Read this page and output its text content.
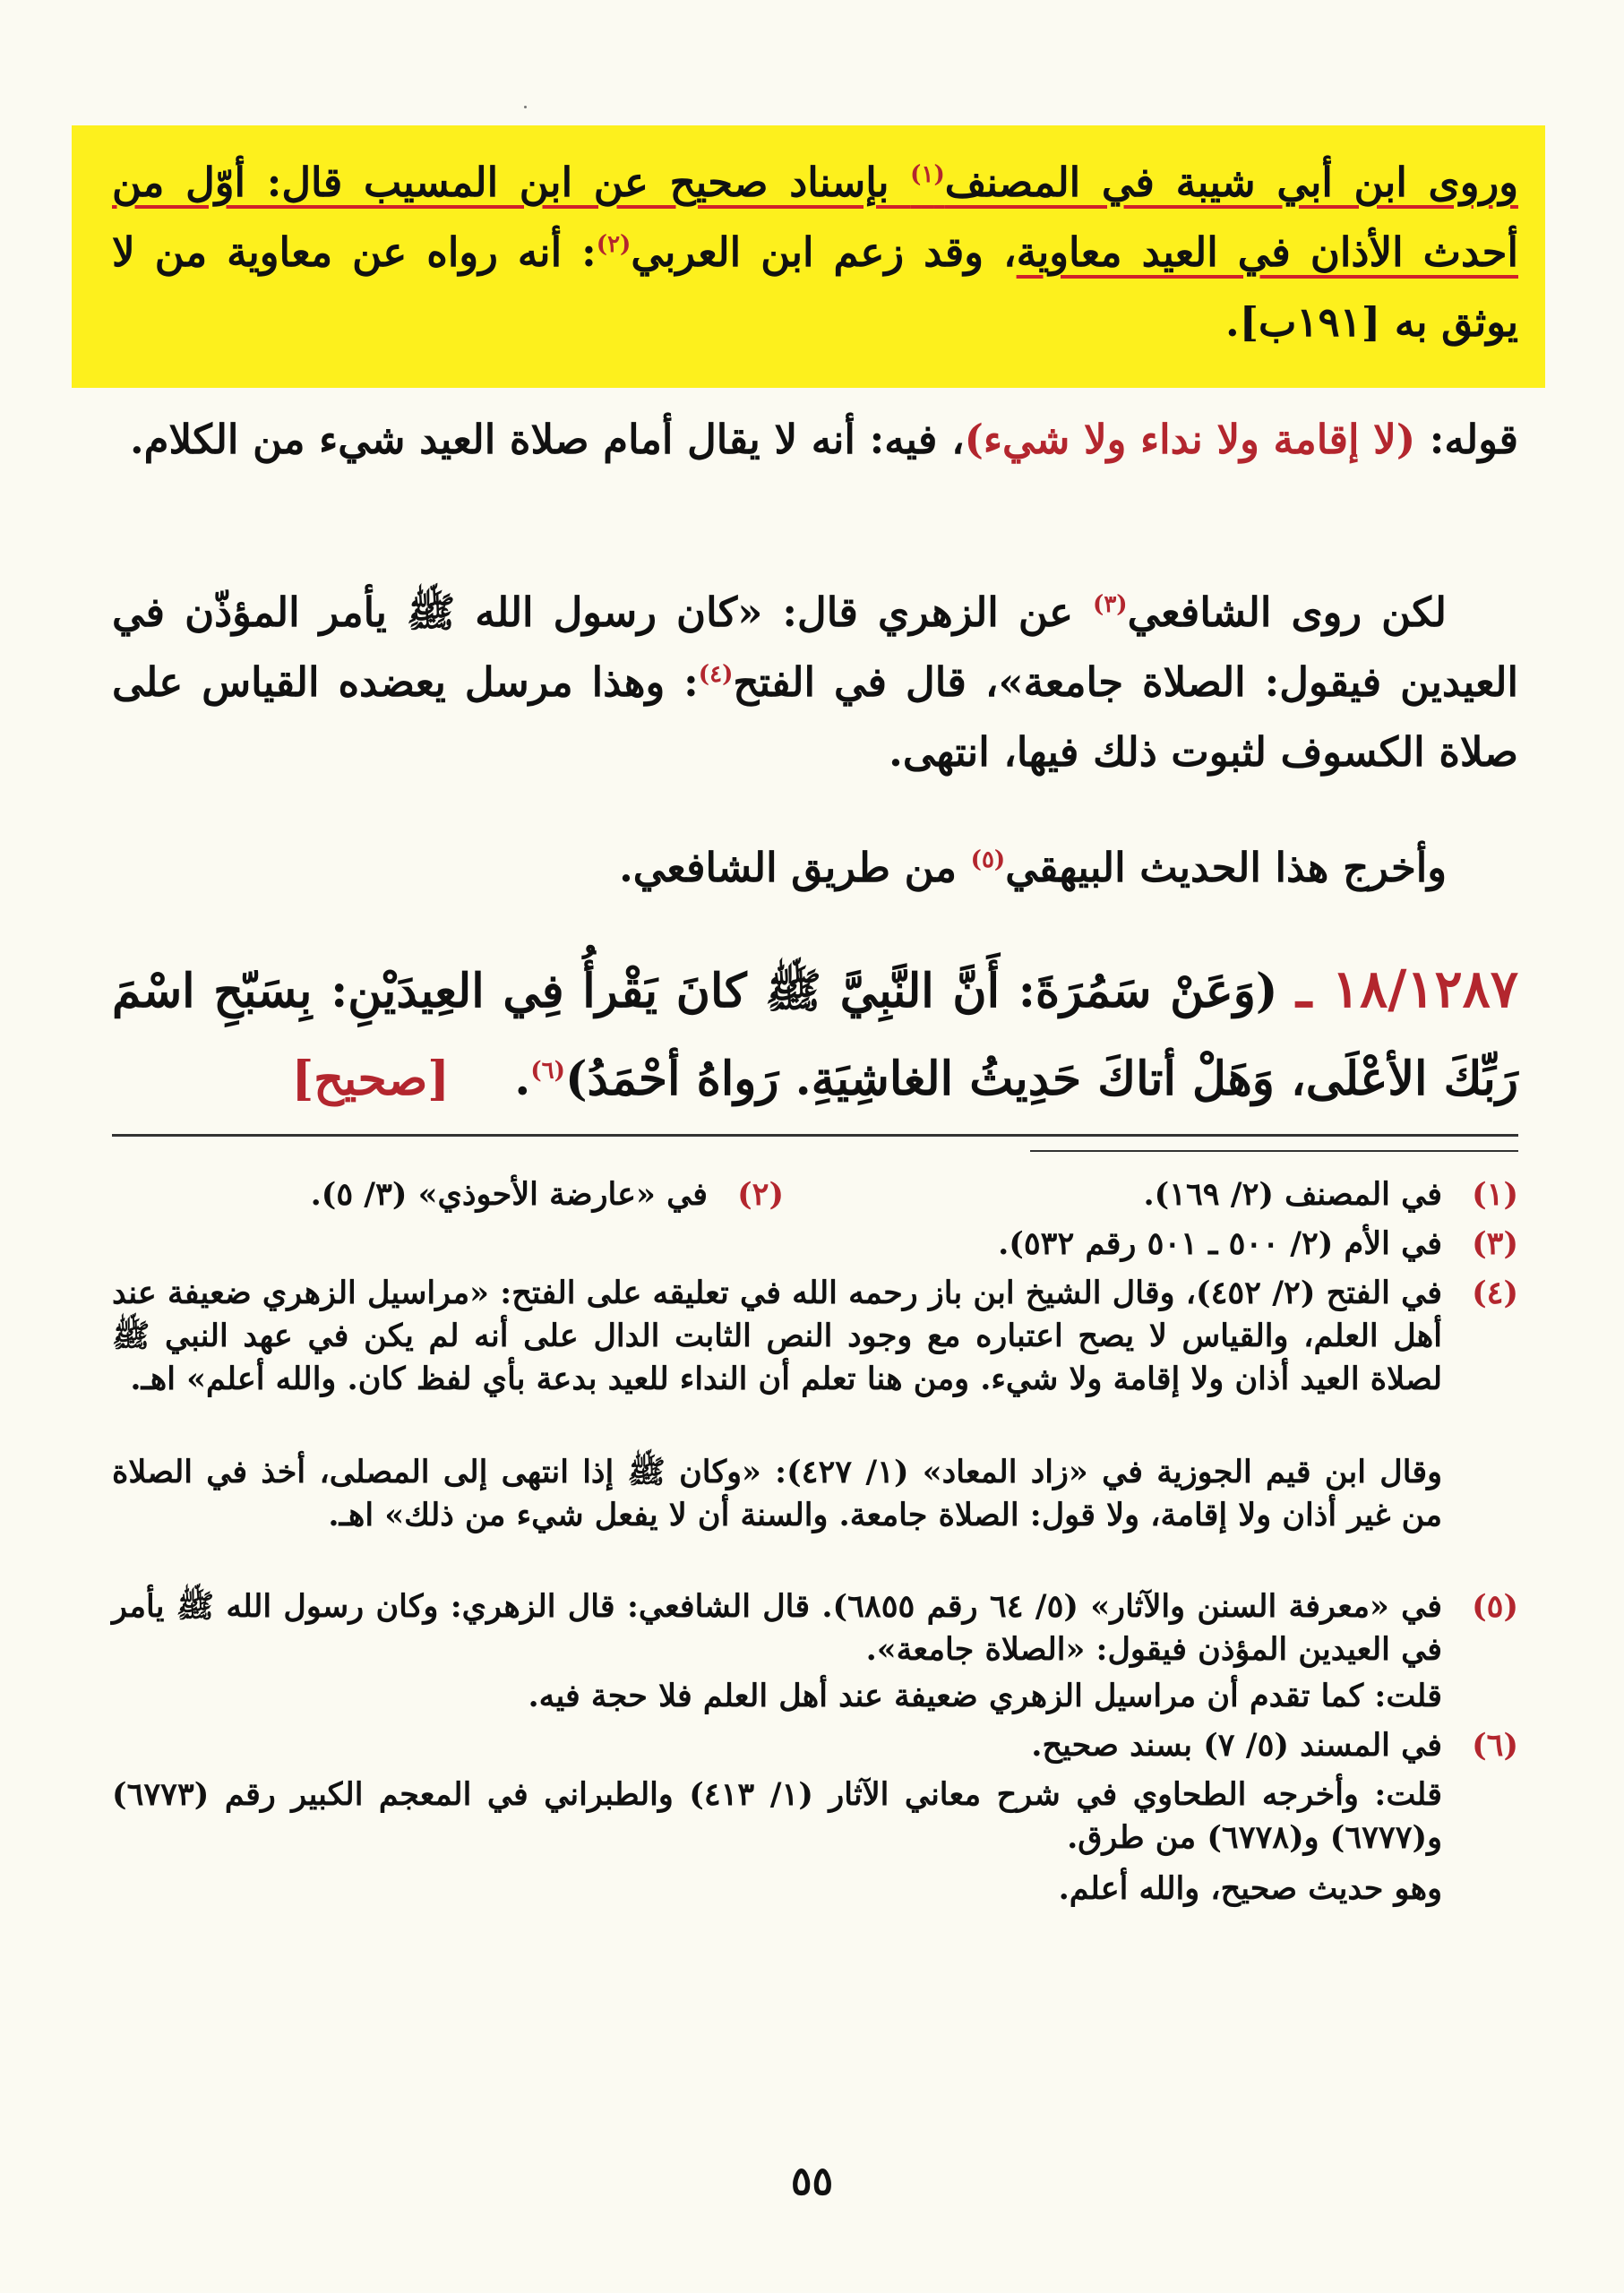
وروى ابن أبي شيبة في المصنف$^{(١)}$ بإسناد صحيح عن ابن المسيب قال: أوّل من أحدث الأذان في العيد معاوية، وقد زعم ابن العربي$^{(٢)}$: أنه رواه عن معاوية من لا يوثق به [١٩١ب].
قوله: (لا إقامة ولا نداء ولا شيء)، فيه: أنه لا يقال أمام صلاة العيد شيء من الكلام.
لكن روى الشافعي$^{(٣)}$ عن الزهري قال: «كان رسول الله ﷺ يأمر المؤذّن في العيدين فيقول: الصلاة جامعة»، قال في الفتح$^{(٤)}$: وهذا مرسل يعضده القياس على صلاة الكسوف لثبوت ذلك فيها، انتهى.
وأخرج هذا الحديث البيهقي$^{(٥)}$ من طريق الشافعي.
١٨/١٢٨٧ ـ (وَعَنْ سَمُرَةَ: أَنَّ النَّبِيَّ ﷺ كانَ يَقْرأُ فِي العِيدَيْنِ: بِسَبّحِ اسْمَ رَبِّكَ الأعْلَى، وَهَلْ أتاكَ حَدِيثُ الغاشِيَةِ. رَواهُ أحْمَدُ)$^{(٦)}$.    [صحيح]
(١)
في المصنف (٢/ ١٦٩).
(٢)
في «عارضة الأحوذي» (٣/ ٥).
(٣)
في الأم (٢/ ٥٠٠ ـ ٥٠١ رقم ٥٣٢).
(٤)
في الفتح (٢/ ٤٥٢)، وقال الشيخ ابن باز رحمه الله في تعليقه على الفتح: «مراسيل الزهري ضعيفة عند أهل العلم، والقياس لا يصح اعتباره مع وجود النص الثابت الدال على أنه لم يكن في عهد النبي ﷺ لصلاة العيد أذان ولا إقامة ولا شيء. ومن هنا تعلم أن النداء للعيد بدعة بأي لفظ كان. والله أعلم» اهـ.
وقال ابن قيم الجوزية في «زاد المعاد» (١/ ٤٢٧): «وكان ﷺ إذا انتهى إلى المصلى، أخذ في الصلاة من غير أذان ولا إقامة، ولا قول: الصلاة جامعة. والسنة أن لا يفعل شيء من ذلك» اهـ.
(٥)
في «معرفة السنن والآثار» (٥/ ٦٤ رقم ٦٨٥٥). قال الشافعي: قال الزهري: وكان رسول الله ﷺ يأمر في العيدين المؤذن فيقول: «الصلاة جامعة».
قلت: كما تقدم أن مراسيل الزهري ضعيفة عند أهل العلم فلا حجة فيه.
(٦)
في المسند (٥/ ٧) بسند صحيح.
قلت: وأخرجه الطحاوي في شرح معاني الآثار (١/ ٤١٣) والطبراني في المعجم الكبير رقم (٦٧٧٣) و(٦٧٧٧) و(٦٧٧٨) من طرق.
وهو حديث صحيح، والله أعلم.
٥٥
